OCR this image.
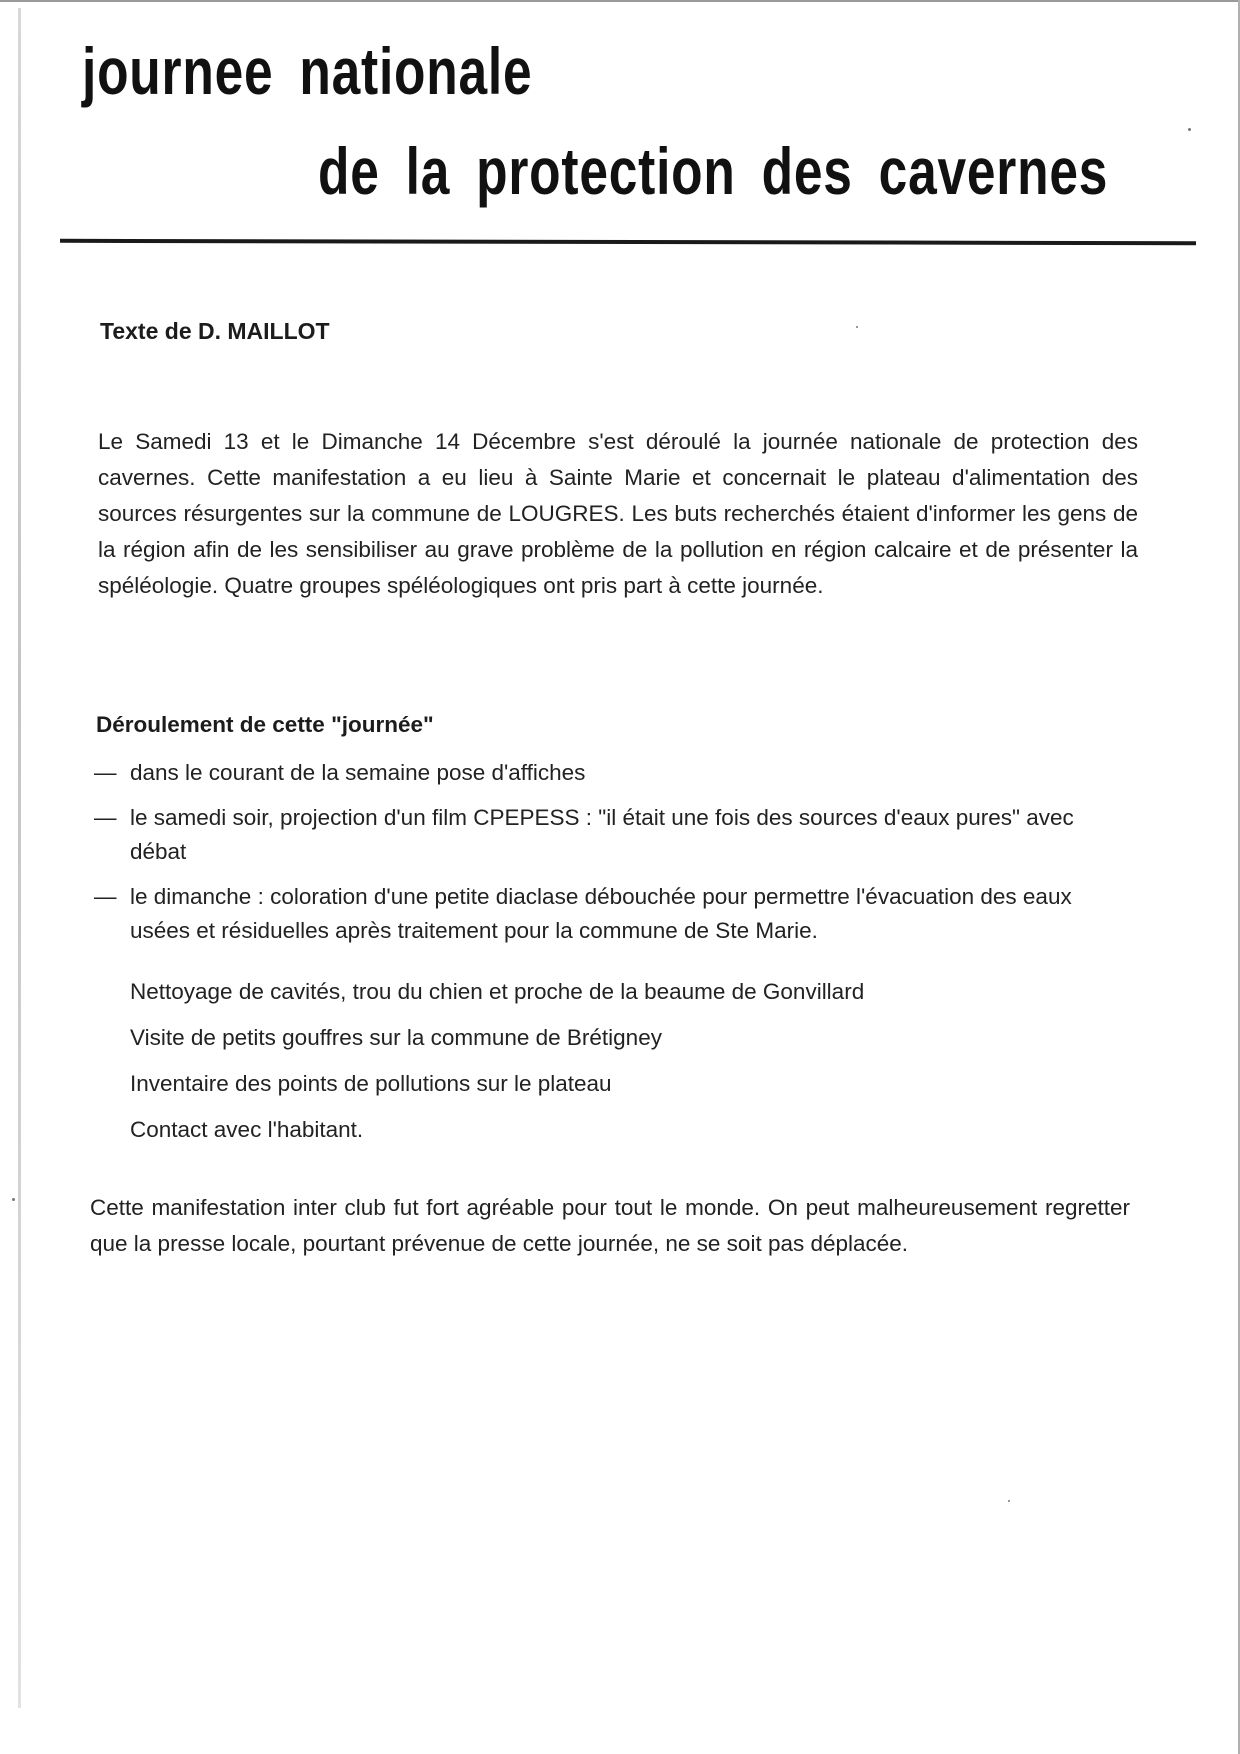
journee nationale
de la protection des cavernes
Texte de D. MAILLOT

Le Samedi 13 et le Dimanche 14 Décembre s'est déroulé la journée nationale de protection des cavernes. Cette manifestation a eu lieu à Sainte Marie et concernait le plateau d'alimentation des sources résurgentes sur la commune de LOUGRES. Les buts recherchés étaient d'informer les gens de la région afin de les sensibiliser au grave problème de la pollution en région calcaire et de présenter la spéléologie. Quatre groupes spéléologiques ont pris part à cette journée.

Déroulement de cette "journée"
— dans le courant de la semaine pose d'affiches
— le samedi soir, projection d'un film CPEPESS : "il était une fois des sources d'eaux pures" avec débat
— le dimanche : coloration d'une petite diaclase débouchée pour permettre l'évacuation des eaux usées et résiduelles après traitement pour la commune de Ste Marie.

Nettoyage de cavités, trou du chien et proche de la beaume de Gonvillard

Visite de petits gouffres sur la commune de Brétigney

Inventaire des points de pollutions sur le plateau

Contact avec l'habitant.

Cette manifestation inter club fut fort agréable pour tout le monde. On peut malheureusement regretter que la presse locale, pourtant prévenue de cette journée, ne se soit pas déplacée.
